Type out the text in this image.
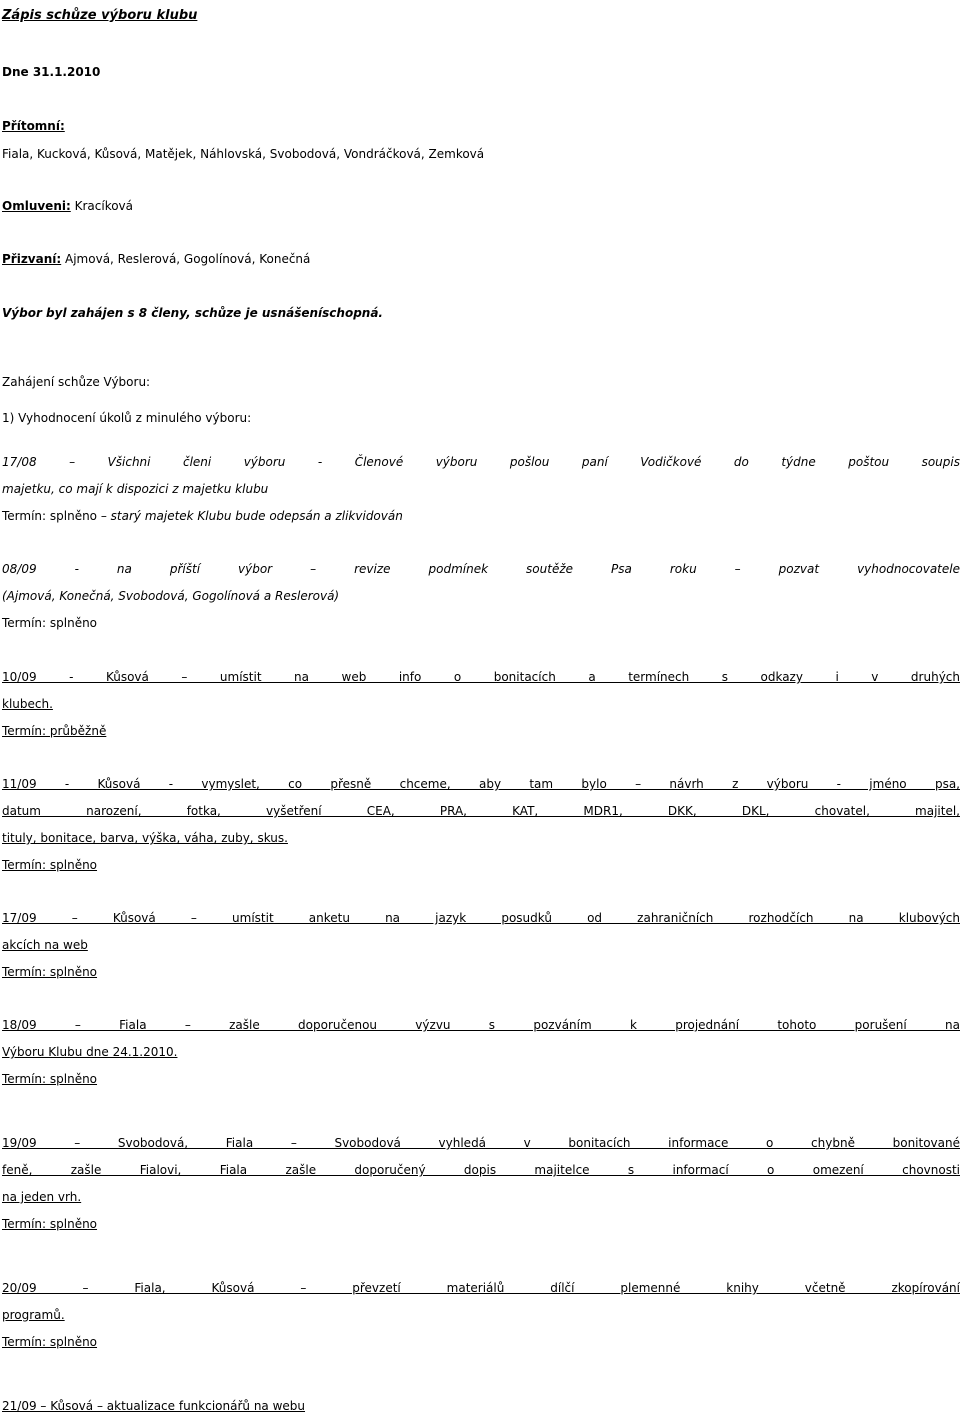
Zápis schůze výboru klubu

Dne 31.1.2010

Přítomní:

Fiala, Kucková, Kůsová, Matějek, Náhlovská, Svobodová, Vondráčková, Zemková

Omluveni: Kracíková

Přizvaní: Ajmová, Reslerová, Gogolínová, Konečná

Výbor byl zahájen s 8 členy, schůze je usnášeníschopná.

Zahájení schůze Výboru:

1) Vyhodnocení úkolů z minulého výboru:

17/08 – Všichni členi výboru - Členové výboru pošlou paní Vodičkové do týdne poštou soupis

majetku, co mají k dispozici z majetku klubu

Termín: splněno – starý majetek Klubu bude odepsán a zlikvidován

08/09 - na příští výbor – revize podmínek soutěže Psa roku – pozvat vyhodnocovatele

(Ajmová, Konečná, Svobodová, Gogolínová a Reslerová)

Termín: splněno

10/09 - Kůsová – umístit na web info o bonitacích a termínech s odkazy i v druhých

klubech.

Termín: průběžně

11/09 - Kůsová - vymyslet, co přesně chceme, aby tam bylo – návrh z výboru - jméno psa,

datum narození, fotka, vyšetření CEA, PRA, KAT, MDR1, DKK, DKL, chovatel, majitel,

tituly, bonitace, barva, výška, váha, zuby, skus.

Termín: splněno

17/09 – Kůsová – umístit anketu na jazyk posudků od zahraničních rozhodčích na klubových

akcích na web

Termín: splněno

18/09 – Fiala – zašle doporučenou výzvu s pozváním k projednání tohoto porušení na

Výboru Klubu dne 24.1.2010.

Termín: splněno

19/09 – Svobodová, Fiala – Svobodová vyhledá v bonitacích informace o chybně bonitované

feně, zašle Fialovi, Fiala zašle doporučený dopis majitelce s informací o omezení chovnosti

na jeden vrh.

Termín: splněno

20/09 – Fiala, Kůsová – převzetí materiálů dílčí plemenné knihy včetně zkopírování

programů.

Termín: splněno

21/09 – Kůsová – aktualizace funkcionářů na webu
